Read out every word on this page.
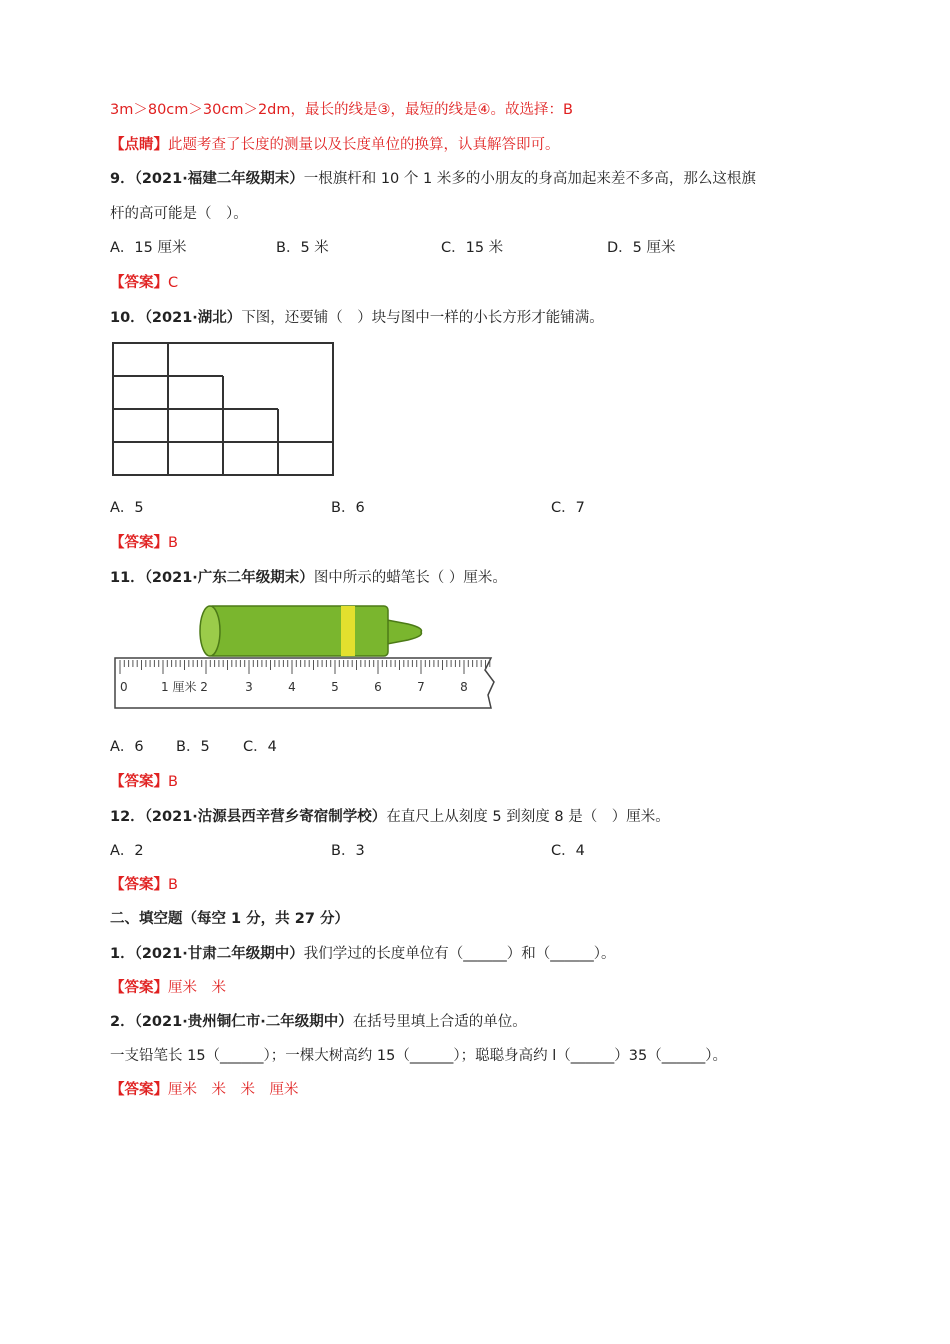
3m＞80cm＞30cm＞2dm，最长的线是③，最短的线是④。故选择：B
【点睛】此题考查了长度的测量以及长度单位的换算，认真解答即可。
9．（2021·福建二年级期末）一根旗杆和 10 个 1 米多的小朋友的身高加起来差不多高，那么这根旗
杆的高可能是（　）。
A．15 厘米	B．5 米	C．15 米	D．5 厘米
【答案】C
10．（2021·湖北）下图，还要铺（　）块与图中一样的小长方形才能铺满。
A．5	B．6	C．7
【答案】B
11．（2021·广东二年级期末）图中所示的蜡笔长（ ）厘米。
0	1 厘米 2	3	4	5	6	7	8
A．6 B．5 C．4
【答案】B
12．（2021·沽源县西辛营乡寄宿制学校）在直尺上从刻度 5 到刻度 8 是（　）厘米。
A．2	B．3	C．4
【答案】B
二、填空题（每空 1 分，共 27 分）
1．（2021·甘肃二年级期中）我们学过的长度单位有（______）和（______）。
【答案】厘米　米
2．（2021·贵州铜仁市·二年级期中）在括号里填上合适的单位。
一支铅笔长 15（______）；一棵大树高约 15（______）；聪聪身高约 l（______）35（______）。
【答案】厘米　米　米　厘米
